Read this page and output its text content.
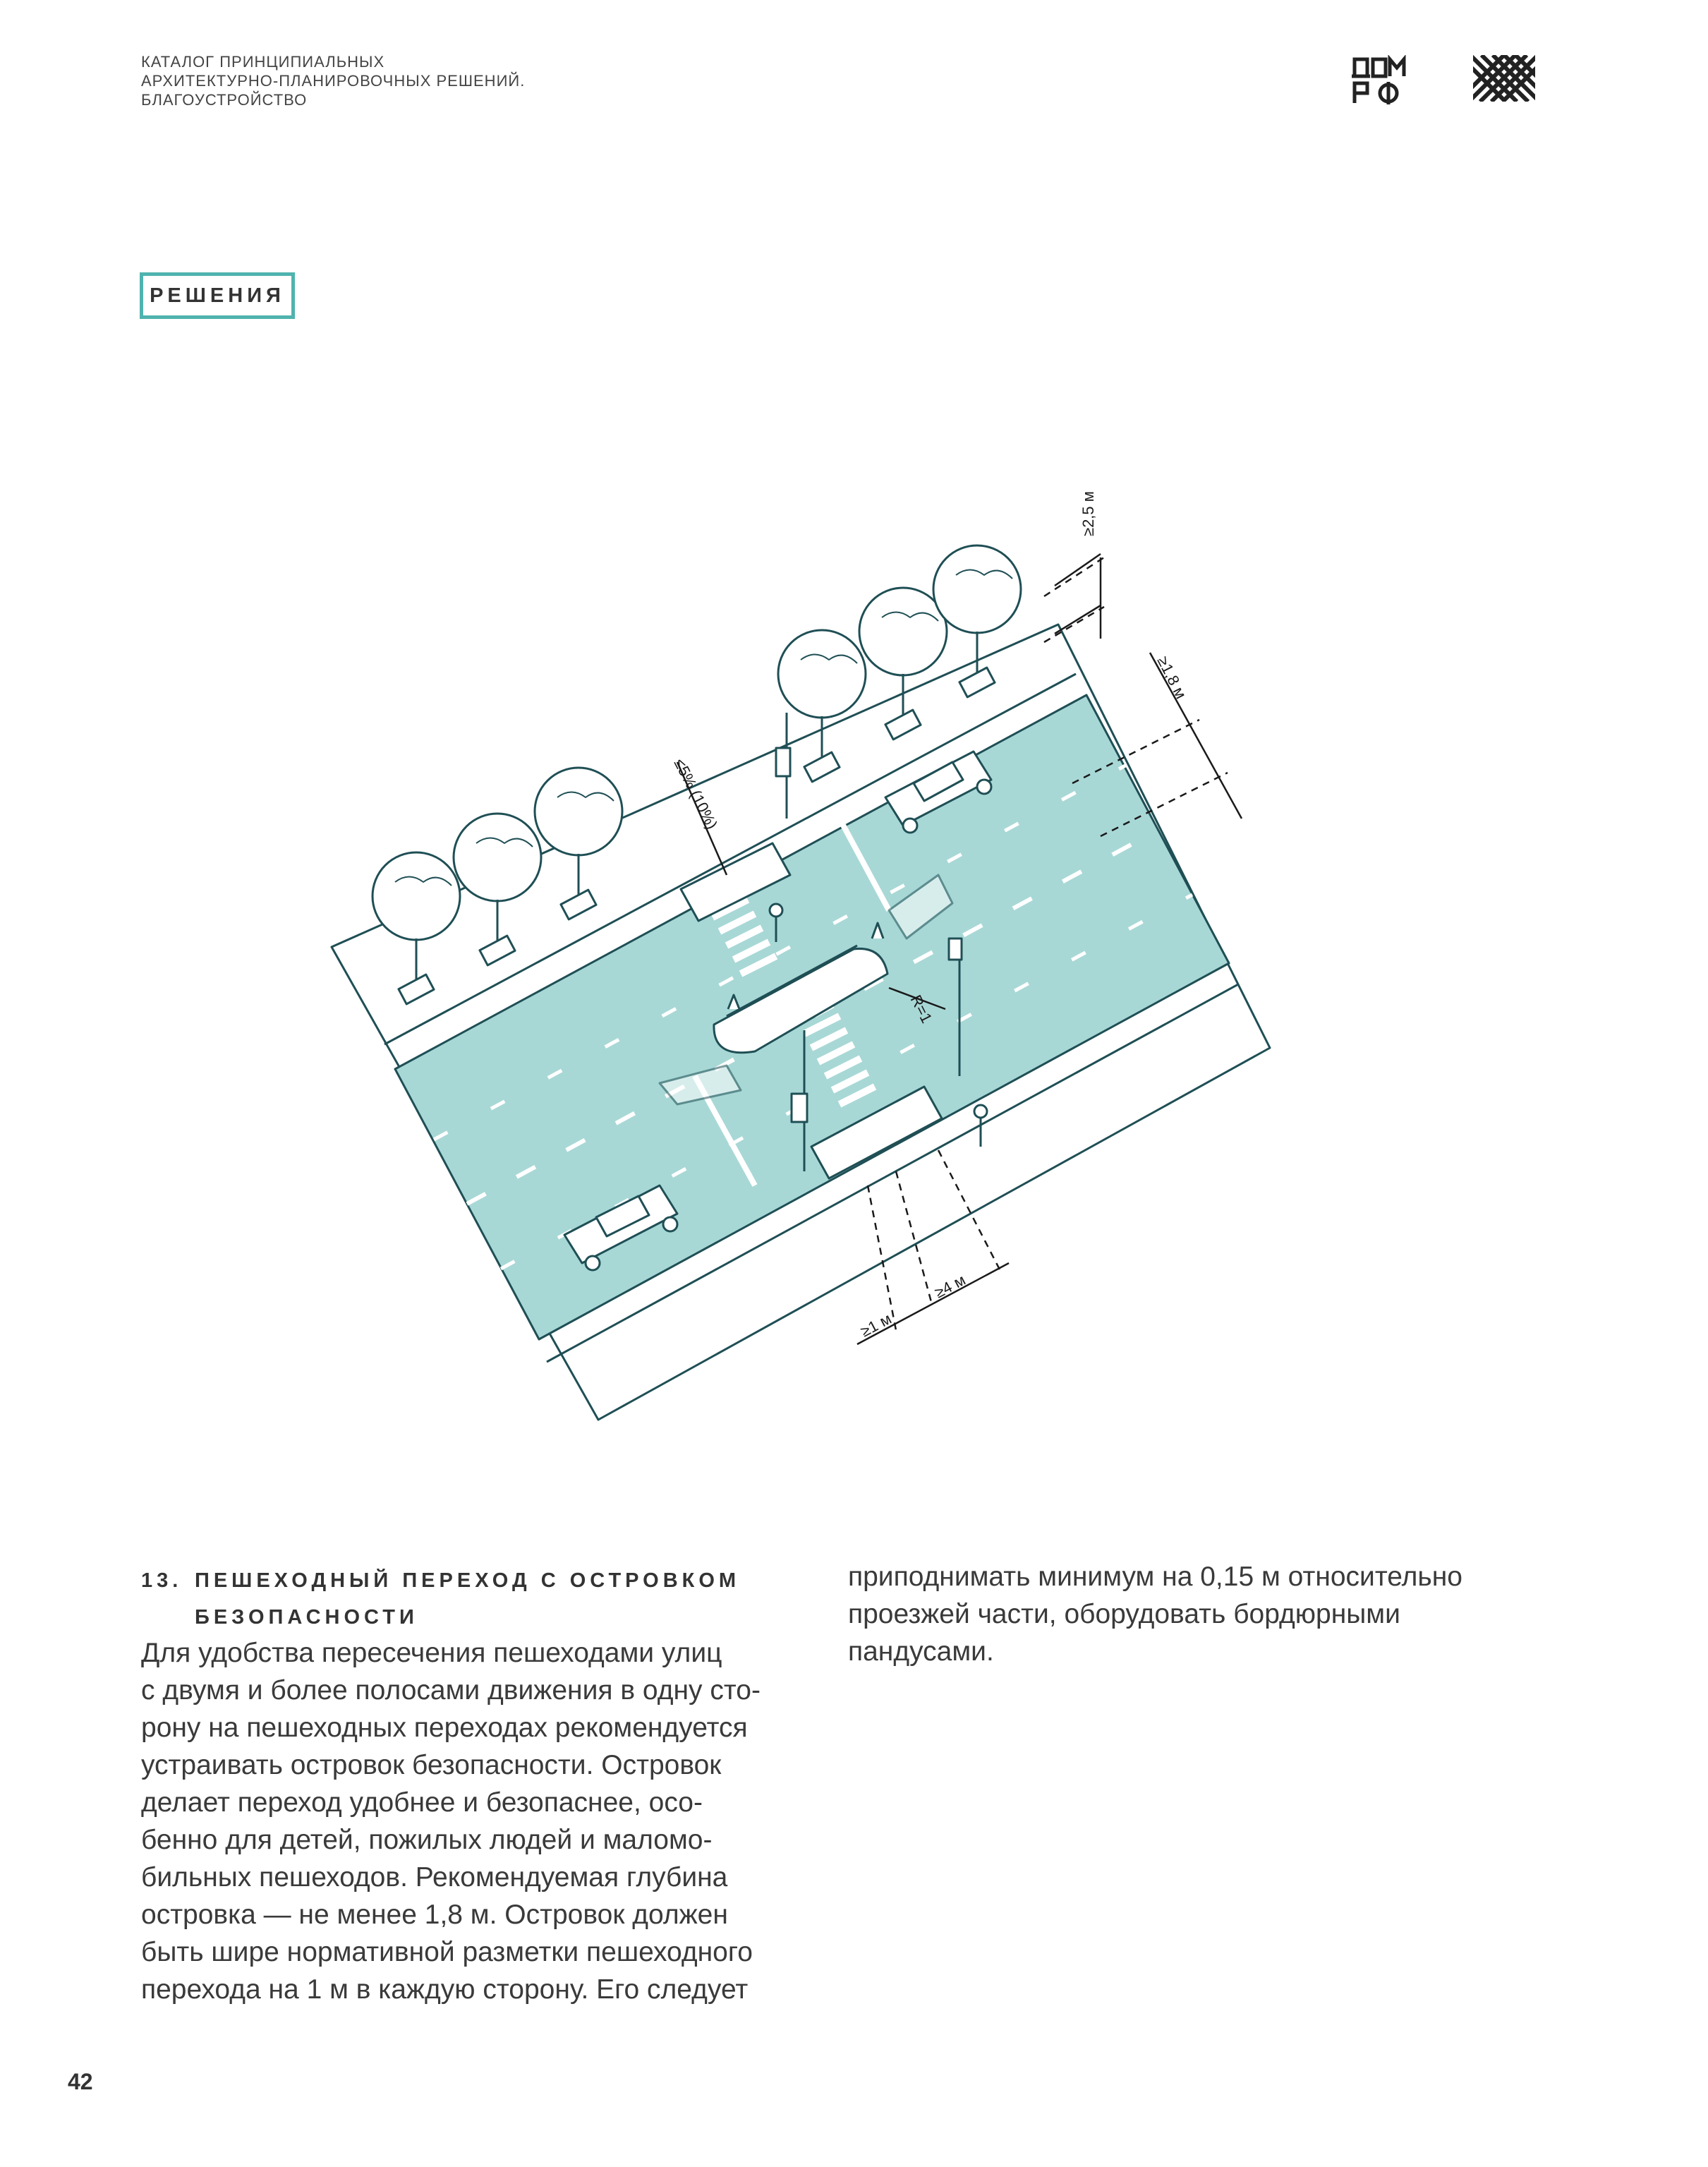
КАТАЛОГ ПРИНЦИПИАЛЬНЫХ
АРХИТЕКТУРНО-ПЛАНИРОВОЧНЫХ РЕШЕНИЙ.
БЛАГОУСТРОЙСТВО
РЕШЕНИЯ
≥2,5 м
≥1,8 м
≤5% (10%)
R=1
≥1 м
≥4 м
13. ПЕШЕХОДНЫЙ ПЕРЕХОД С ОСТРОВКОМ
БЕЗОПАСНОСТИ
Для удобства пересечения пешеходами улиц
с двумя и более полосами движения в одну сто-
рону на пешеходных переходах рекомендуется
устраивать островок безопасности. Островок
делает переход удобнее и безопаснее, осо-
бенно для детей, пожилых людей и маломо-
бильных пешеходов. Рекомендуемая глубина
островка — не менее 1,8 м. Островок должен
быть шире нормативной разметки пешеходного
перехода на 1 м в каждую сторону. Его следует
приподнимать минимум на 0,15 м относительно
проезжей части, оборудовать бордюрными
пандусами.
42
